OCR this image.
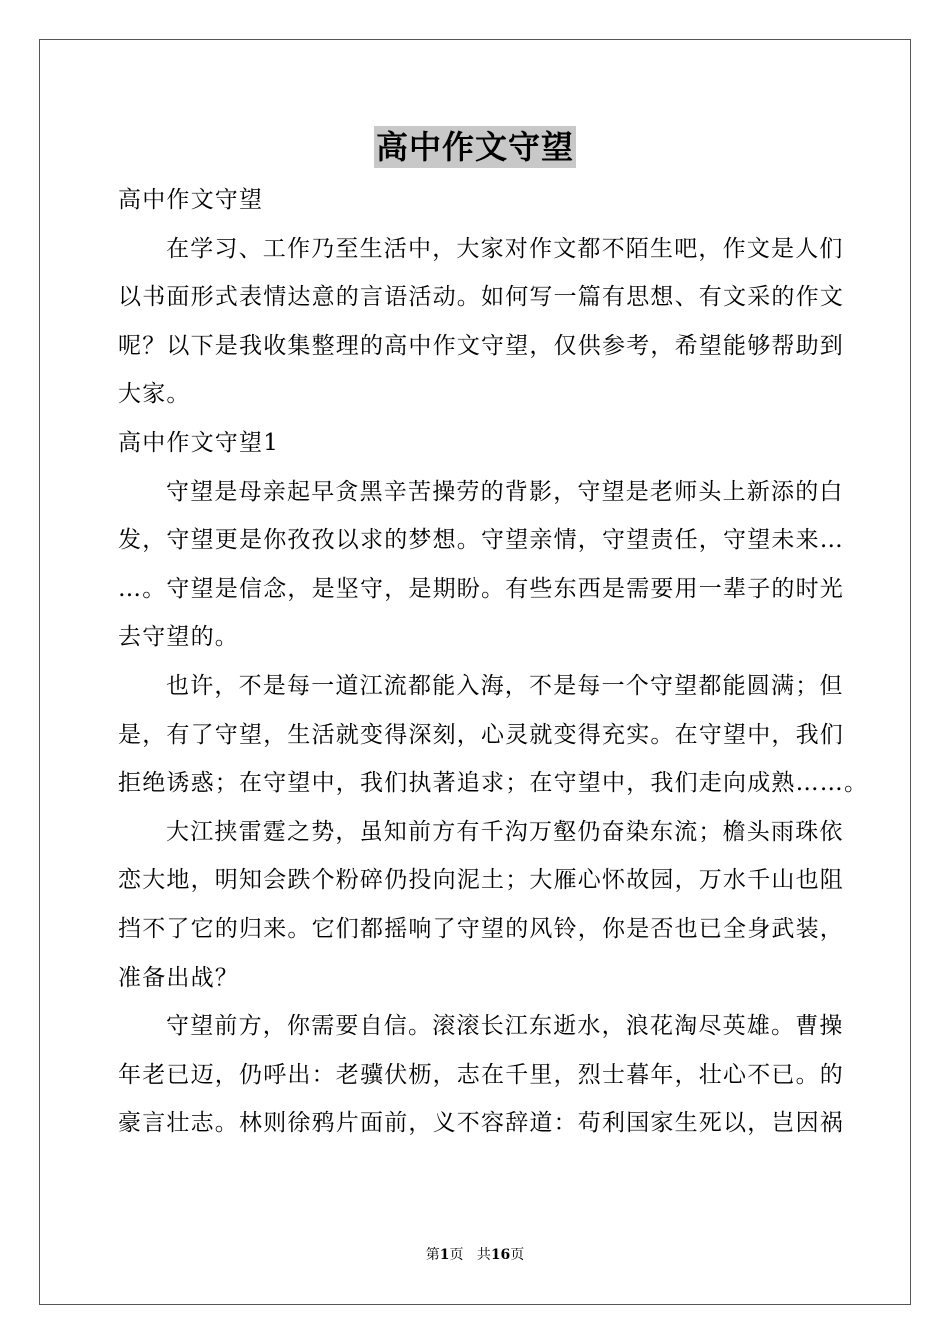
高中作文守望
高中作文守望
在学习、工作乃至生活中，大家对作文都不陌生吧，作文是人们
以书面形式表情达意的言语活动。如何写一篇有思想、有文采的作文
呢？以下是我收集整理的高中作文守望，仅供参考，希望能够帮助到
大家。
高中作文守望1
守望是母亲起早贪黑辛苦操劳的背影，守望是老师头上新添的白
发，守望更是你孜孜以求的梦想。守望亲情，守望责任，守望未来…
…。守望是信念，是坚守，是期盼。有些东西是需要用一辈子的时光
去守望的。
也许，不是每一道江流都能入海，不是每一个守望都能圆满；但
是，有了守望，生活就变得深刻，心灵就变得充实。在守望中，我们
拒绝诱惑；在守望中，我们执著追求；在守望中，我们走向成熟……。
大江挟雷霆之势，虽知前方有千沟万壑仍奋染东流；檐头雨珠依
恋大地，明知会跌个粉碎仍投向泥土；大雁心怀故园，万水千山也阻
挡不了它的归来。它们都摇响了守望的风铃，你是否也已全身武装，
准备出战？
守望前方，你需要自信。滚滚长江东逝水，浪花淘尽英雄。曹操
年老已迈，仍呼出：老骥伏枥，志在千里，烈士暮年，壮心不已。的
豪言壮志。林则徐鸦片面前，义不容辞道：苟利国家生死以，岂因祸
第1页 共16页
